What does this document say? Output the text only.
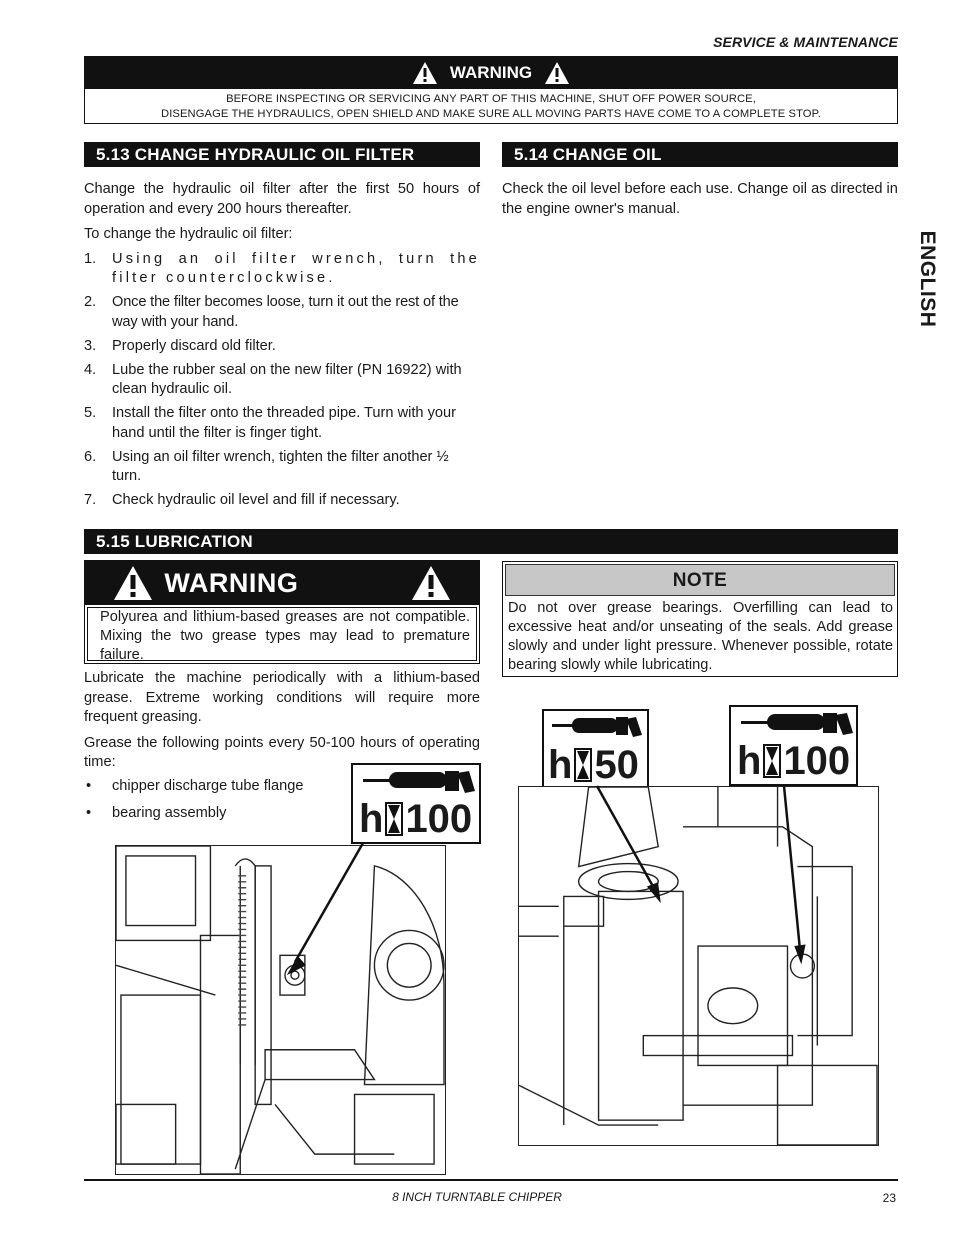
SERVICE & MAINTENANCE
WARNING
BEFORE INSPECTING OR SERVICING ANY PART OF THIS MACHINE, SHUT OFF POWER SOURCE,
DISENGAGE THE HYDRAULICS, OPEN SHIELD AND MAKE SURE ALL MOVING PARTS HAVE COME TO A COMPLETE STOP.
5.13 CHANGE HYDRAULIC OIL FILTER

Change the hydraulic oil filter after the first 50 hours of operation and every 200 hours thereafter.

To change the hydraulic oil filter:

1. Using an oil filter wrench, turn the filter counterclockwise.
2. Once the filter becomes loose, turn it out the rest of the way with your hand.
3. Properly discard old filter.
4. Lube the rubber seal on the new filter (PN 16922) with clean hydraulic oil.
5. Install the filter onto the threaded pipe. Turn with your hand until the filter is finger tight.
6. Using an oil filter wrench, tighten the filter another ½ turn.
7. Check hydraulic oil level and fill if necessary.
5.14 CHANGE OIL

Check the oil level before each use. Change oil as directed in the engine owner's manual.

ENGLISH
5.15 LUBRICATION
WARNING

Polyurea and lithium-based greases are not compatible. Mixing the two grease types may lead to premature failure.

NOTE

Do not over grease bearings. Overfilling can lead to excessive heat and/or unseating of the seals. Add grease slowly and under light pressure. Whenever possible, rotate bearing slowly while lubricating.

Lubricate the machine periodically with a lithium-based grease. Extreme working conditions will require more frequent greasing.

Grease the following points every 50-100 hours of operating time:

• chipper discharge tube flange
• bearing assembly	h 100
h 50 h 100
8 INCH TURNTABLE CHIPPER	23
